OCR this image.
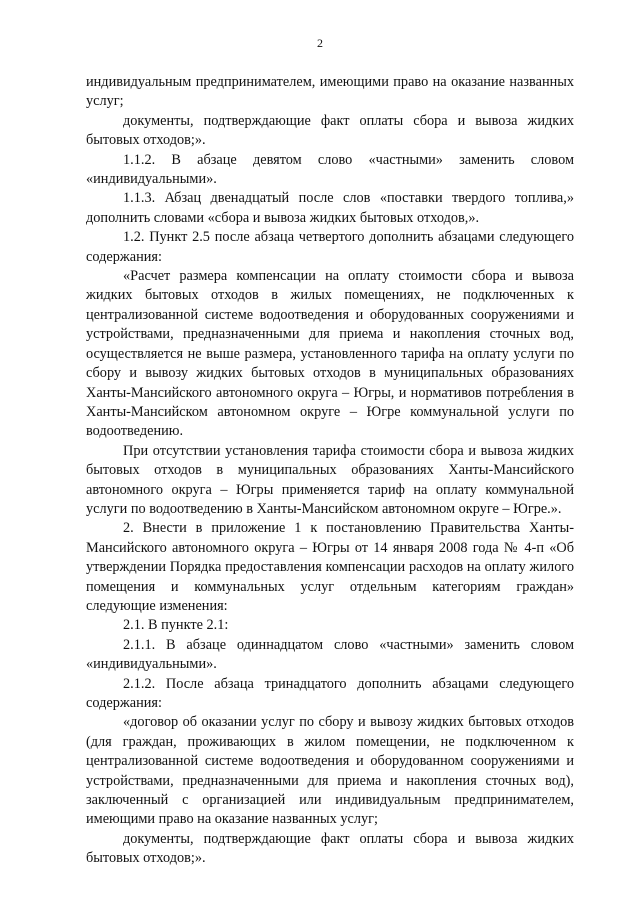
2

индивидуальным предпринимателем, имеющими право на оказание названных услуг;

документы, подтверждающие факт оплаты сбора и вывоза жидких бытовых отходов;».

1.1.2. В абзаце девятом слово «частными» заменить словом «индивидуальными».

1.1.3. Абзац двенадцатый после слов «поставки твердого топлива,» дополнить словами «сбора и вывоза жидких бытовых отходов,».

1.2. Пункт 2.5 после абзаца четвертого дополнить абзацами следующего содержания:

«Расчет размера компенсации на оплату стоимости сбора и вывоза жидких бытовых отходов в жилых помещениях, не подключенных к централизованной системе водоотведения и оборудованных сооружениями и устройствами, предназначенными для приема и накопления сточных вод, осуществляется не выше размера, установленного тарифа на оплату услуги по сбору и вывозу жидких бытовых отходов в муниципальных образованиях Ханты-Мансийского автономного округа – Югры, и нормативов потребления в Ханты-Мансийском автономном округе – Югре коммунальной услуги по водоотведению.

При отсутствии установления тарифа стоимости сбора и вывоза жидких бытовых отходов в муниципальных образованиях Ханты-Мансийского автономного округа – Югры применяется тариф на оплату коммунальной услуги по водоотведению в Ханты-Мансийском автономном округе – Югре.».

2. Внести в приложение 1 к постановлению Правительства Ханты-Мансийского автономного округа – Югры от 14 января 2008 года № 4-п «Об утверждении Порядка предоставления компенсации расходов на оплату жилого помещения и коммунальных услуг отдельным категориям граждан» следующие изменения:

2.1. В пункте 2.1:

2.1.1. В абзаце одиннадцатом слово «частными» заменить словом «индивидуальными».

2.1.2. После абзаца тринадцатого дополнить абзацами следующего содержания:

«договор об оказании услуг по сбору и вывозу жидких бытовых отходов (для граждан, проживающих в жилом помещении, не подключенном к централизованной системе водоотведения и оборудованном сооружениями и устройствами, предназначенными для приема и накопления сточных вод), заключенный с организацией или индивидуальным предпринимателем, имеющими право на оказание названных услуг;

документы, подтверждающие факт оплаты сбора и вывоза жидких бытовых отходов;».
